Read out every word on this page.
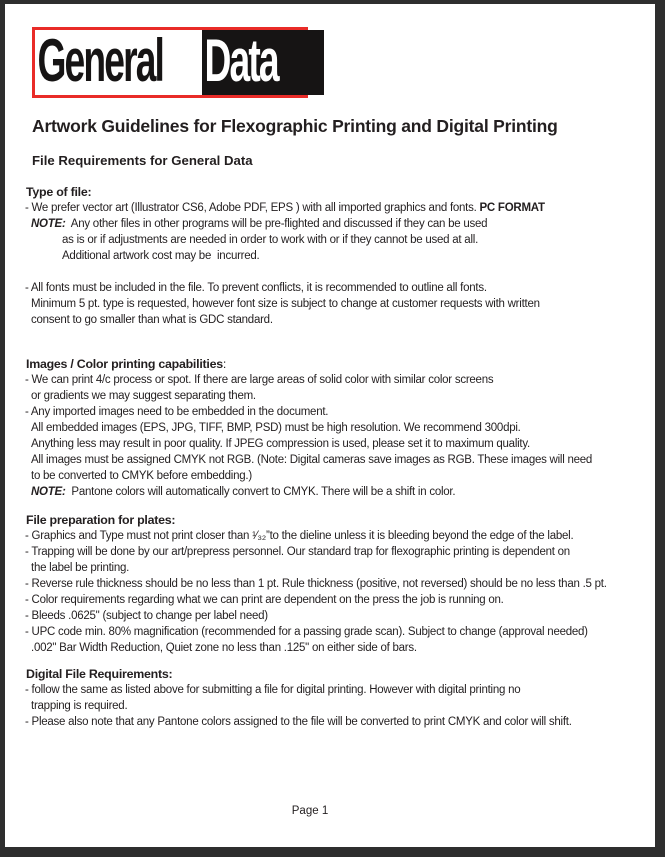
General Data
Artwork Guidelines for Flexographic Printing and Digital Printing
File Requirements for General Data
Type of file:
- We prefer vector art (Illustrator CS6, Adobe PDF, EPS ) with all imported graphics and fonts. PC FORMAT
NOTE:  Any other files in other programs will be pre-flighted and discussed if they can be used
as is or if adjustments are needed in order to work with or if they cannot be used at all.
Additional artwork cost may be  incurred.
- All fonts must be included in the file. To prevent conflicts, it is recommended to outline all fonts.
Minimum 5 pt. type is requested, however font size is subject to change at customer requests with written
consent to go smaller than what is GDC standard.
Images / Color printing capabilities:
- We can print 4/c process or spot. If there are large areas of solid color with similar color screens
or gradients we may suggest separating them.
- Any imported images need to be embedded in the document.
All embedded images (EPS, JPG, TIFF, BMP, PSD) must be high resolution. We recommend 300dpi.
Anything less may result in poor quality. If JPEG compression is used, please set it to maximum quality.
All images must be assigned CMYK not RGB. (Note: Digital cameras save images as RGB. These images will need
to be converted to CMYK before embedding.)
NOTE:  Pantone colors will automatically convert to CMYK. There will be a shift in color.
File preparation for plates:
- Graphics and Type must not print closer than ¹⁄₃₂”to the dieline unless it is bleeding beyond the edge of the label.
- Trapping will be done by our art/prepress personnel. Our standard trap for flexographic printing is dependent on
the label be printing.
- Reverse rule thickness should be no less than 1 pt. Rule thickness (positive, not reversed) should be no less than .5 pt.
- Color requirements regarding what we can print are dependent on the press the job is running on.
- Bleeds .0625" (subject to change per label need)
- UPC code min. 80% magnification (recommended for a passing grade scan). Subject to change (approval needed)
.002" Bar Width Reduction, Quiet zone no less than .125" on either side of bars.
Digital File Requirements:
- follow the same as listed above for submitting a file for digital printing. However with digital printing no
trapping is required.
- Please also note that any Pantone colors assigned to the file will be converted to print CMYK and color will shift.
Page 1
